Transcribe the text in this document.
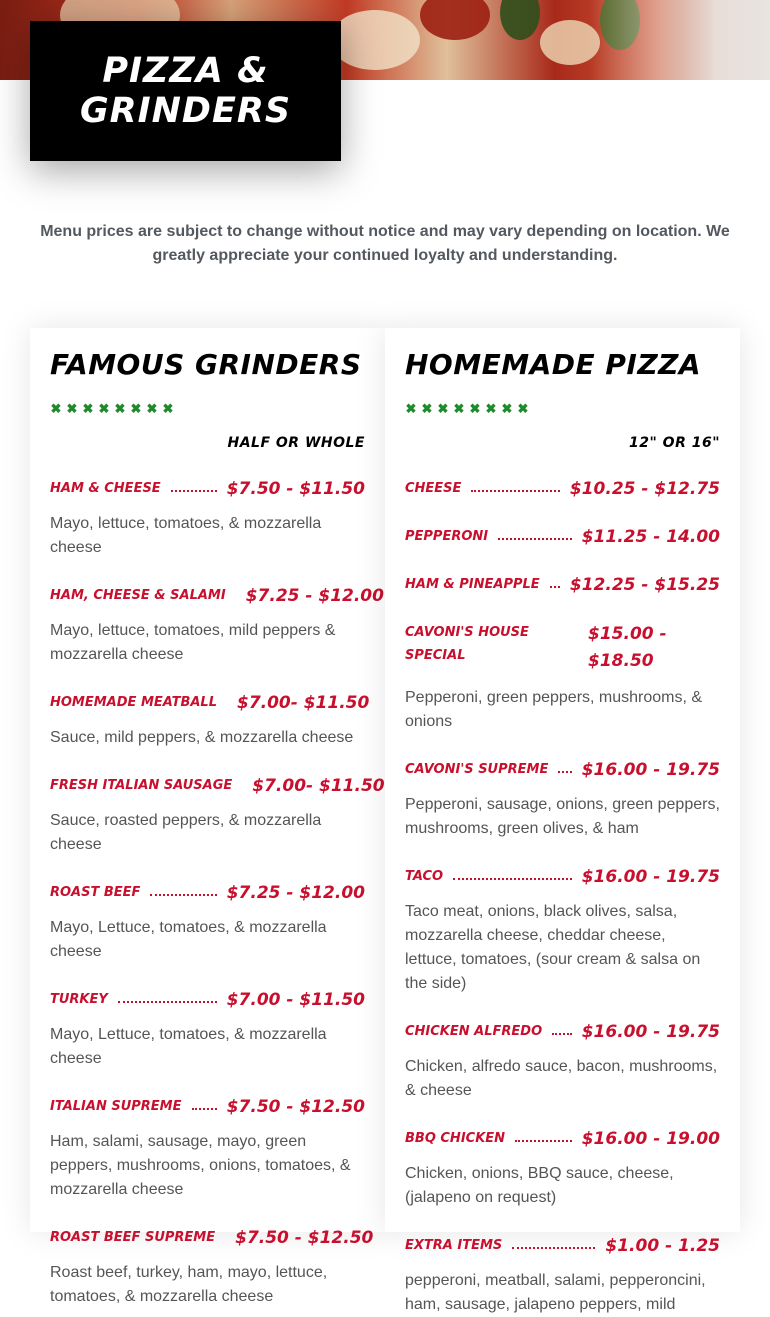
PIZZA & GRINDERS
Menu prices are subject to change without notice and may vary depending on location. We greatly appreciate your continued loyalty and understanding.
FAMOUS GRINDERS
✖ ✖ ✖ ✖ ✖ ✖ ✖ ✖
HALF OR WHOLE
HAM & CHEESE	$7.50 - $11.50
Mayo, lettuce, tomatoes, & mozzarella cheese
HAM, CHEESE & SALAMI $7.25 - $12.00
Mayo, lettuce, tomatoes, mild peppers & mozzarella cheese
HOMEMADE MEATBALL $7.00- $11.50
Sauce, mild peppers, & mozzarella cheese
FRESH ITALIAN SAUSAGE $7.00- $11.50
Sauce, roasted peppers, & mozzarella cheese
ROAST BEEF	$7.25 - $12.00
Mayo, Lettuce, tomatoes, & mozzarella cheese
TURKEY	$7.00 - $11.50
Mayo, Lettuce, tomatoes, & mozzarella cheese
ITALIAN SUPREME	$7.50 - $12.50
Ham, salami, sausage, mayo, green peppers, mushrooms, onions, tomatoes, & mozzarella cheese
ROAST BEEF SUPREME $7.50 - $12.50
Roast beef, turkey, ham, mayo, lettuce, tomatoes, & mozzarella cheese
HOMEMADE PIZZA
✖ ✖ ✖ ✖ ✖ ✖ ✖ ✖
12" OR 16"
CHEESE	$10.25 - $12.75
PEPPERONI	$11.25 - 14.00
HAM & PINEAPPLE $12.25 - $15.25
CAVONI'S HOUSE SPECIAL
$15.00 - $18.50
Pepperoni, green peppers, mushrooms, & onions
CAVONI'S SUPREME $16.00 - 19.75
Pepperoni, sausage, onions, green peppers, mushrooms, green olives, & ham
TACO	$16.00 - 19.75
Taco meat, onions, black olives, salsa, mozzarella cheese, cheddar cheese, lettuce, tomatoes, (sour cream & salsa on the side)
CHICKEN ALFREDO $16.00 - 19.75
Chicken, alfredo sauce, bacon, mushrooms, & cheese
BBQ CHICKEN	$16.00 - 19.00
Chicken, onions, BBQ sauce, cheese, (jalapeno on request)
EXTRA ITEMS	$1.00 - 1.25
pepperoni, meatball, salami, pepperoncini, ham, sausage, jalapeno peppers, mild
